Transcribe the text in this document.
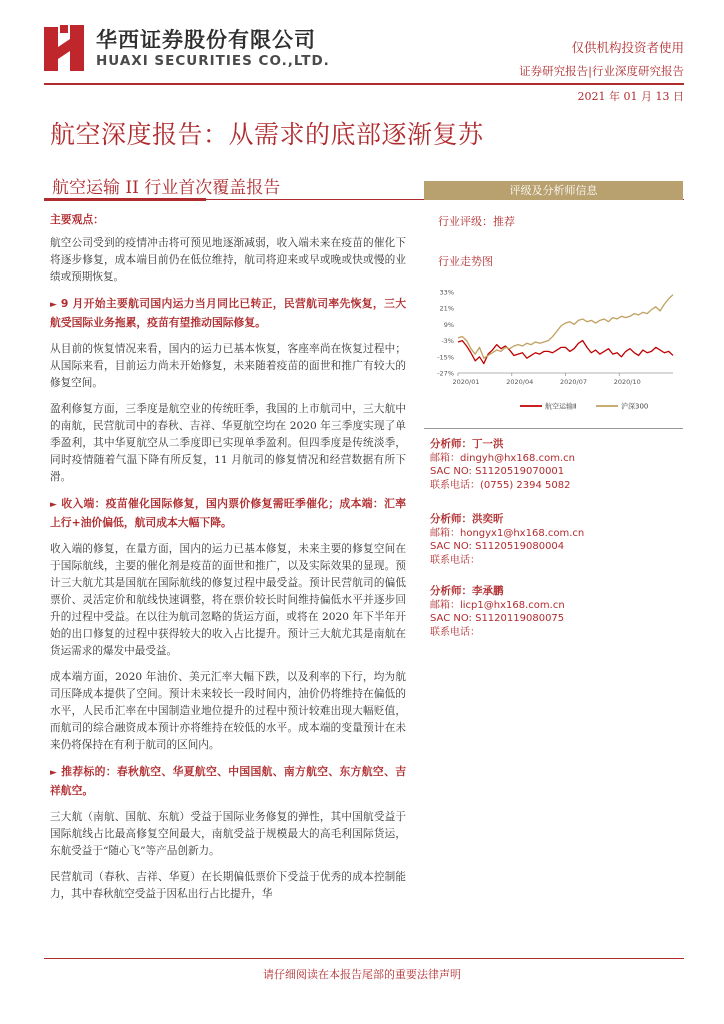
华西证券股份有限公司
HUAXI SECURITIES CO.,LTD.
仅供机构投资者使用
证券研究报告|行业深度研究报告
2021 年 01 月 13 日
航空深度报告：从需求的底部逐渐复苏
航空运输 II 行业首次覆盖报告

主要观点：

航空公司受到的疫情冲击将可预见地逐渐减弱，收入端未来在疫苗的催化下将逐步修复，成本端目前仍在低位维持，航司将迎来或早或晚或快或慢的业绩或预期恢复。

► 9 月开始主要航司国内运力当月同比已转正，民营航司率先恢复，三大航受国际业务拖累，疫苗有望推动国际修复。

从目前的恢复情况来看，国内的运力已基本恢复，客座率尚在恢复过程中；从国际来看，目前运力尚未开始修复，未来随着疫苗的面世和推广有较大的修复空间。

盈利修复方面，三季度是航空业的传统旺季，我国的上市航司中，三大航中的南航，民营航司中的春秋、吉祥、华夏航空均在 2020 年三季度实现了单季盈利，其中华夏航空从二季度即已实现单季盈利。但四季度是传统淡季，同时疫情随着气温下降有所反复，11 月航司的修复情况和经营数据有所下滑。

► 收入端：疫苗催化国际修复，国内票价修复需旺季催化；成本端：汇率上行+油价偏低，航司成本大幅下降。

收入端的修复，在量方面，国内的运力已基本修复，未来主要的修复空间在于国际航线，主要的催化剂是疫苗的面世和推广，以及实际效果的显现。预计三大航尤其是国航在国际航线的修复过程中最受益。预计民营航司的偏低票价、灵活定价和航线快速调整，将在票价较长时间维持偏低水平并逐步回升的过程中受益。在以往为航司忽略的货运方面，或将在 2020 年下半年开始的出口修复的过程中获得较大的收入占比提升。预计三大航尤其是南航在货运需求的爆发中最受益。

成本端方面，2020 年油价、美元汇率大幅下跌，以及利率的下行，均为航司压降成本提供了空间。预计未来较长一段时间内，油价仍将维持在偏低的水平，人民币汇率在中国制造业地位提升的过程中预计较难出现大幅贬值，而航司的综合融资成本预计亦将维持在较低的水平。成本端的变量预计在未来仍将保持在有利于航司的区间内。

► 推荐标的：春秋航空、华夏航空、中国国航、南方航空、东方航空、吉祥航空。

三大航（南航、国航、东航）受益于国际业务修复的弹性，其中国航受益于国际航线占比最高修复空间最大，南航受益于规模最大的高毛利国际货运，东航受益于“随心飞”等产品创新力。

民营航司（春秋、吉祥、华夏）在长期偏低票价下受益于优秀的成本控制能力，其中春秋航空受益于因私出行占比提升，华

评级及分析师信息
行业评级：推荐
行业走势图
33%
21%
9%
-3%
-15%
-27%
2020/01	2020/04	2020/07	2020/10
航空运输Ⅱ	沪深300
分析师：丁一洪
邮箱：dingyh@hx168.com.cn
SAC NO: S1120519070001
联系电话：(0755) 2394 5082
分析师：洪奕昕
邮箱：hongyx1@hx168.com.cn
SAC NO: S1120519080004
联系电话：
分析师：李承鹏
邮箱：licp1@hx168.com.cn
SAC NO: S1120119080075
联系电话：
请仔细阅读在本报告尾部的重要法律声明
